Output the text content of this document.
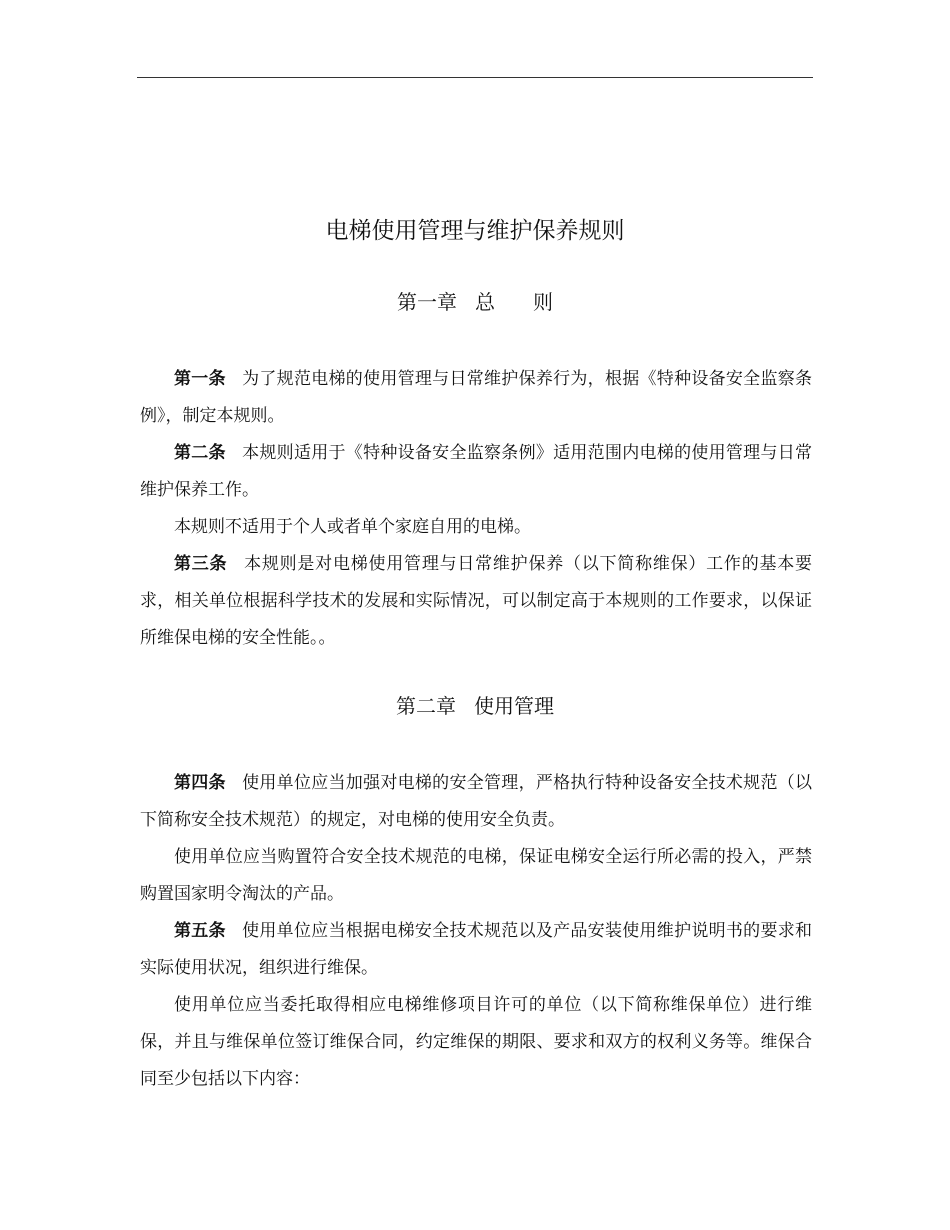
电梯使用管理与维护保养规则
第一章 总 则

第一条 为了规范电梯的使用管理与日常维护保养行为，根据《特种设备安全监察条例》，制定本规则。

第二条 本规则适用于《特种设备安全监察条例》适用范围内电梯的使用管理与日常维护保养工作。

本规则不适用于个人或者单个家庭自用的电梯。

第三条 本规则是对电梯使用管理与日常维护保养（以下简称维保）工作的基本要求，相关单位根据科学技术的发展和实际情况，可以制定高于本规则的工作要求，以保证所维保电梯的安全性能。。

第二章 使用管理

第四条 使用单位应当加强对电梯的安全管理，严格执行特种设备安全技术规范（以下简称安全技术规范）的规定，对电梯的使用安全负责。

使用单位应当购置符合安全技术规范的电梯，保证电梯安全运行所必需的投入，严禁购置国家明令淘汰的产品。

第五条 使用单位应当根据电梯安全技术规范以及产品安装使用维护说明书的要求和实际使用状况，组织进行维保。

使用单位应当委托取得相应电梯维修项目许可的单位（以下简称维保单位）进行维保，并且与维保单位签订维保合同，约定维保的期限、要求和双方的权利义务等。维保合同至少包括以下内容：
